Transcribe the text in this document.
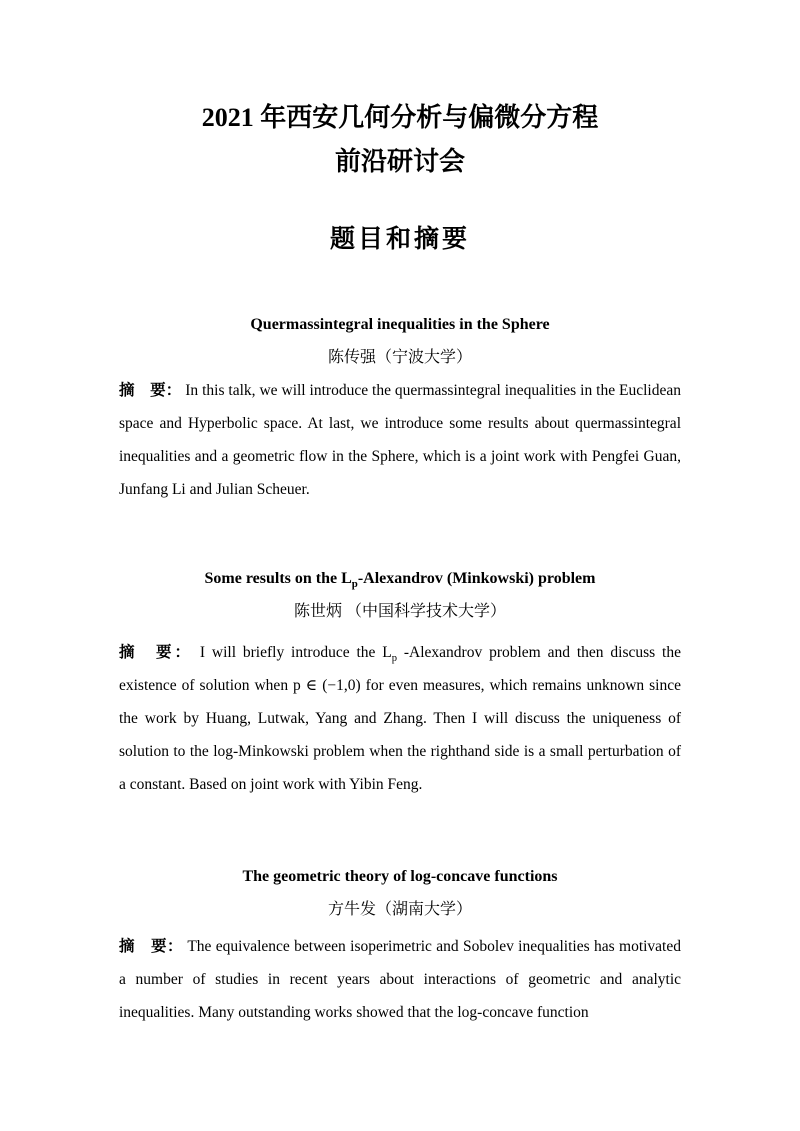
2021 年西安几何分析与偏微分方程
前沿研讨会
题目和摘要
Quermassintegral inequalities in the Sphere

陈传强（宁波大学）

摘　要： In this talk, we will introduce the quermassintegral inequalities in the Euclidean space and Hyperbolic space. At last, we introduce some results about quermassintegral inequalities and a geometric flow in the Sphere, which is a joint work with Pengfei Guan, Junfang Li and Julian Scheuer.

Some results on the $L_p$-Alexandrov (Minkowski) problem

陈世炳 （中国科学技术大学）

摘　要： I will briefly introduce the $L_p$ -Alexandrov problem and then discuss the existence of solution when p ∈ (−1,0) for even measures, which remains unknown since the work by Huang, Lutwak, Yang and Zhang. Then I will discuss the uniqueness of solution to the log-Minkowski problem when the righthand side is a small perturbation of a constant. Based on joint work with Yibin Feng.

The geometric theory of log-concave functions

方牛发（湖南大学）

摘　要： The equivalence between isoperimetric and Sobolev inequalities has motivated a number of studies in recent years about interactions of geometric and analytic inequalities. Many outstanding works showed that the log-concave function
